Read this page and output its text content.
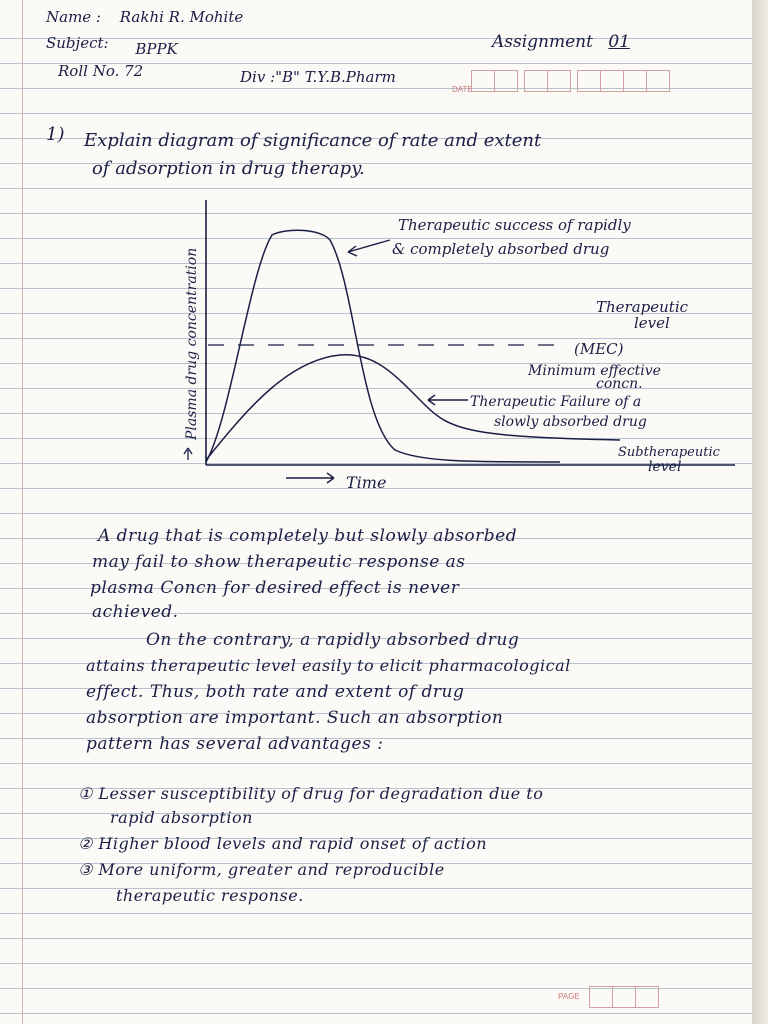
Name : Rakhi R. Mohite
Subject: BPPK
Roll No. 72	Div :"B" T.Y.B.Pharm
Assignment 01
DATE
1) Explain diagram of significance of rate and extent
of adsorption in drug therapy.
Plasma drug concentration
Time
Therapeutic success of rapidly
& completely absorbed drug
Therapeutic
level
(MEC)
Minimum effective
concn.
Therapeutic Failure of a
slowly absorbed drug
Subtherapeutic
level
A drug that is completely but slowly absorbed
may fail to show therapeutic response as
plasma Concn for desired effect is never
achieved.
On the contrary, a rapidly absorbed drug
attains therapeutic level easily to elicit pharmacological
effect. Thus, both rate and extent of drug
absorption are important. Such an absorption
pattern has several advantages :
① Lesser susceptibility of drug for degradation due to
rapid absorption
② Higher blood levels and rapid onset of action
③ More uniform, greater and reproducible
therapeutic response.
PAGE
